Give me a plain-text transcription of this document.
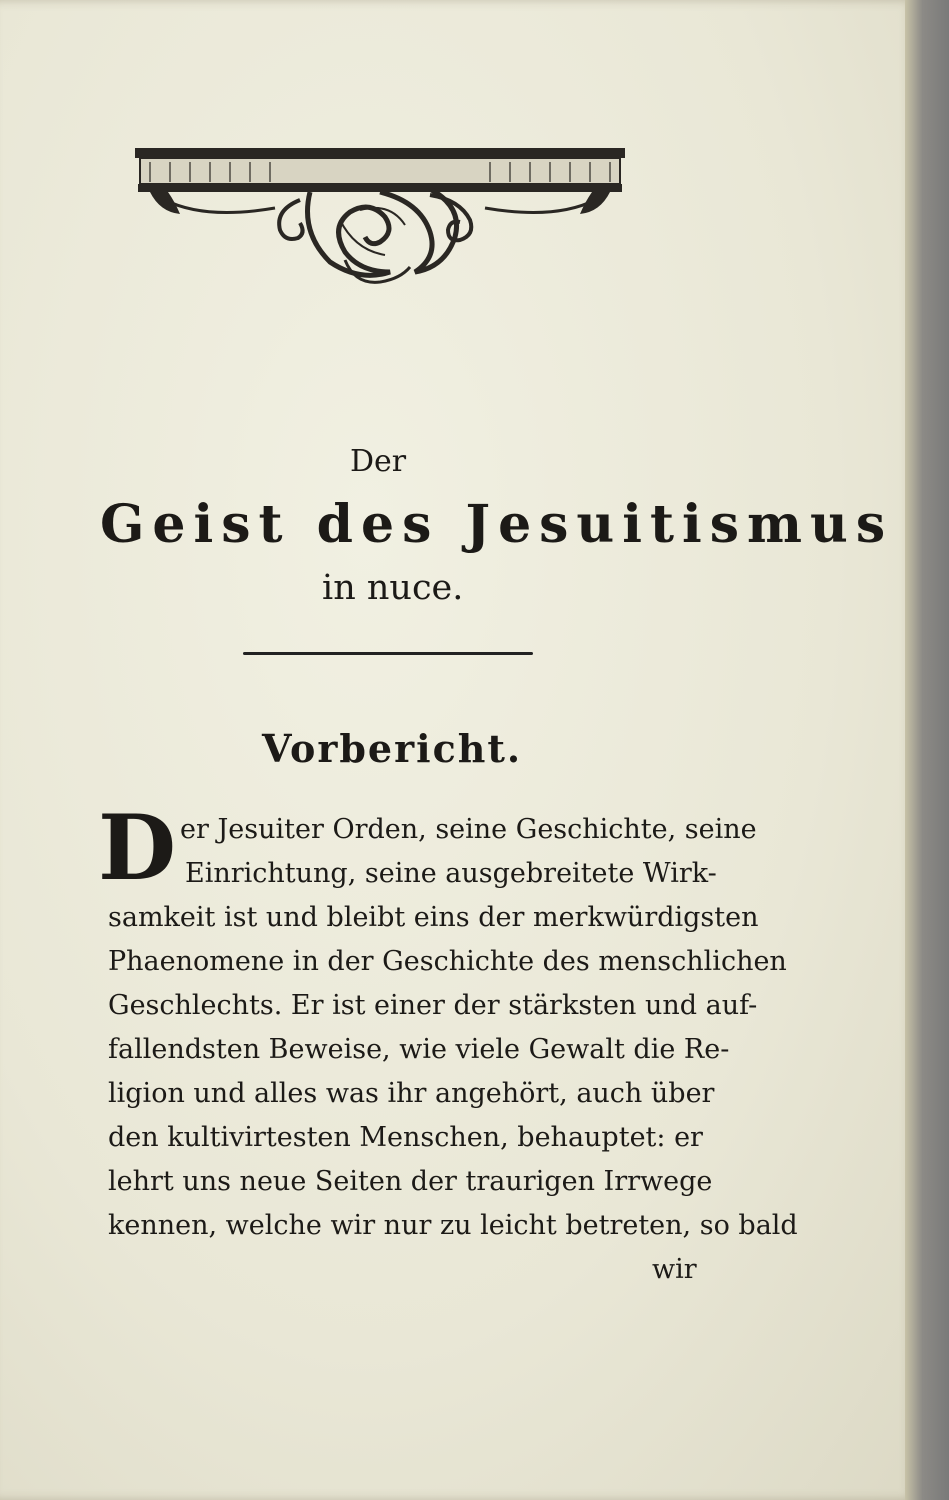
Der

Geist des Jesuitismus

in nuce.

Vorbericht.

D er Jesuiter Orden, seine Geschichte, seine
Einrichtung, seine ausgebreitete Wirk-
samkeit ist und bleibt eins der merkwürdigsten
Phaenomene in der Geschichte des menschlichen
Geschlechts. Er ist einer der stärksten und auf-
fallendsten Beweise, wie viele Gewalt die Re-
ligion und alles was ihr angehört, auch über
den kultivirtesten Menschen, behauptet: er
lehrt uns neue Seiten der traurigen Irrwege
kennen, welche wir nur zu leicht betreten, so bald
wir
